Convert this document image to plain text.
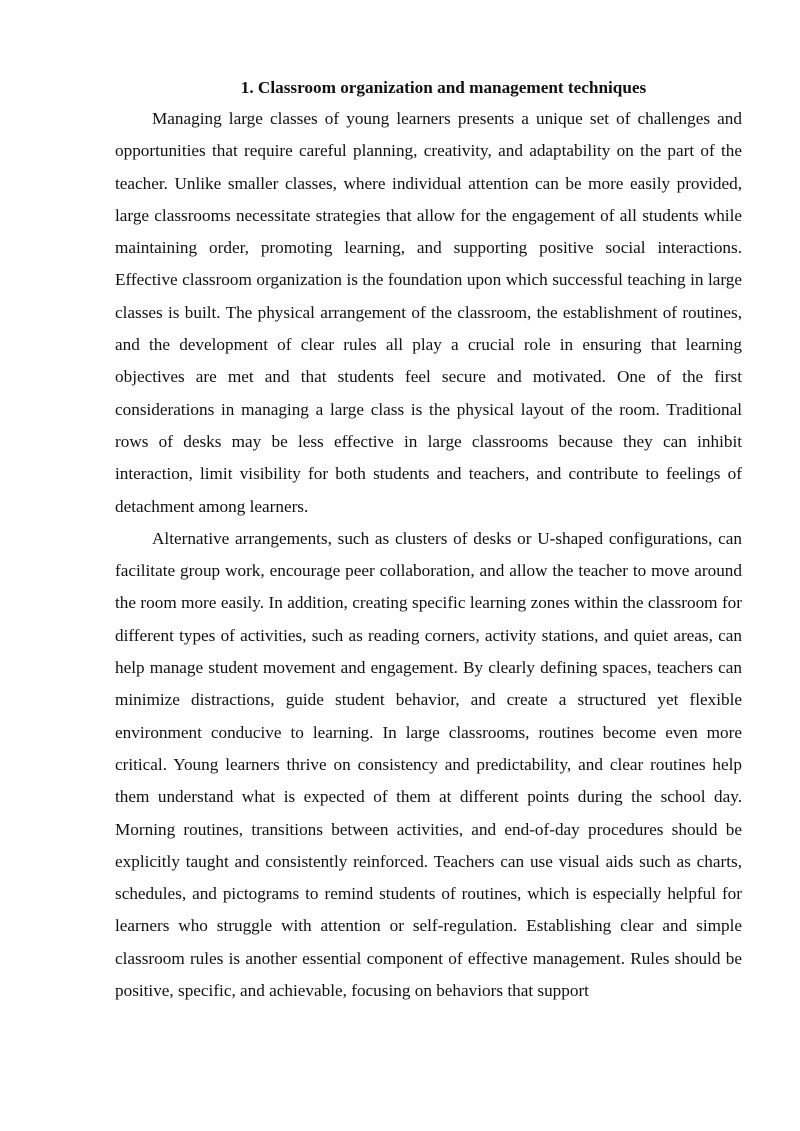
1. Classroom organization and management techniques

Managing large classes of young learners presents a unique set of challenges and opportunities that require careful planning, creativity, and adaptability on the part of the teacher. Unlike smaller classes, where individual attention can be more easily provided, large classrooms necessitate strategies that allow for the engagement of all students while maintaining order, promoting learning, and supporting positive social interactions. Effective classroom organization is the foundation upon which successful teaching in large classes is built. The physical arrangement of the classroom, the establishment of routines, and the development of clear rules all play a crucial role in ensuring that learning objectives are met and that students feel secure and motivated. One of the first considerations in managing a large class is the physical layout of the room. Traditional rows of desks may be less effective in large classrooms because they can inhibit interaction, limit visibility for both students and teachers, and contribute to feelings of detachment among learners.

Alternative arrangements, such as clusters of desks or U-shaped configurations, can facilitate group work, encourage peer collaboration, and allow the teacher to move around the room more easily. In addition, creating specific learning zones within the classroom for different types of activities, such as reading corners, activity stations, and quiet areas, can help manage student movement and engagement. By clearly defining spaces, teachers can minimize distractions, guide student behavior, and create a structured yet flexible environment conducive to learning. In large classrooms, routines become even more critical. Young learners thrive on consistency and predictability, and clear routines help them understand what is expected of them at different points during the school day. Morning routines, transitions between activities, and end-of-day procedures should be explicitly taught and consistently reinforced. Teachers can use visual aids such as charts, schedules, and pictograms to remind students of routines, which is especially helpful for learners who struggle with attention or self-regulation. Establishing clear and simple classroom rules is another essential component of effective management. Rules should be positive, specific, and achievable, focusing on behaviors that support
